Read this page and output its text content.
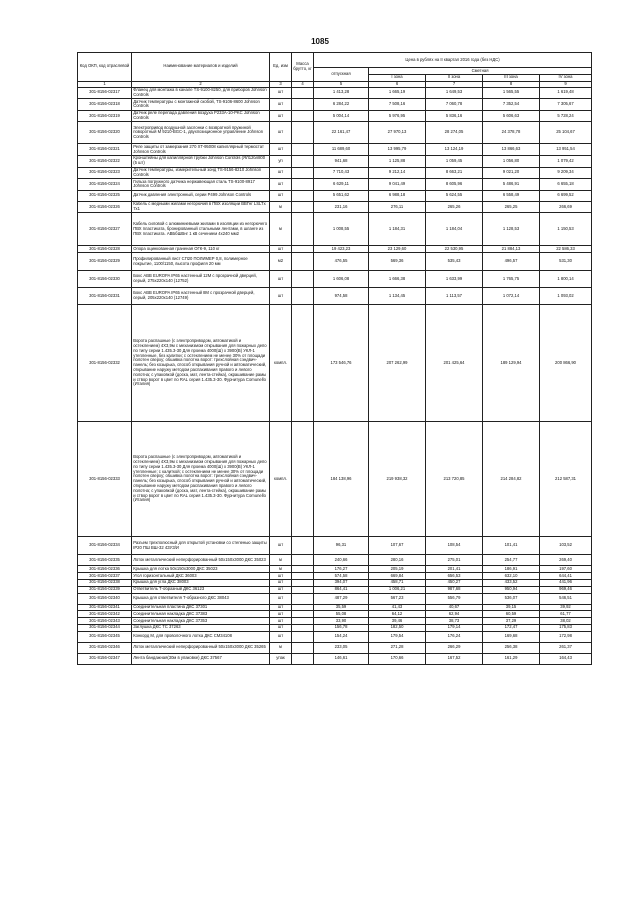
1085
Код ОКП, код отраслевой	Наименование материалов и изделий	Ед. изм	Масса брутто, кг	Цена в рублях на II квартал 2016 года (без НДС)				
				отпускная	Сметная			
					I зона	II зона	III зона	IV зона
1	2	3	4	5	6	7	8	9
301-8156-02317	Фланец для монтажа в канале TS-9100-8250, для приборов Johnson Controls	шт		1 413,28	1 665,19	1 649,53	1 565,55	1 619,48
301-8156-02318	Датчик температуры с монтажной скобой, TS-9106-8600 Johnson Controls	шт		6 284,22	7 508,16	7 060,78	7 352,54	7 305,67
301-8156-02319	Датчик реле перепада давления воздуха P233A-10-PKC Johnson Controls	шт		5 004,14	5 976,95	5 836,16	5 606,63	5 728,24
301-8156-02320	Электропривод воздушной заслонки с возвратной пружиной поворотный M 9210-BGC-1, двухпозиционное управление Johnson Controls	шт		22 161,47	27 970,13	28 274,05	24 378,78	25 104,67
301-8156-02321	Реле защиты от замерзания 270 XT-95008 капиллярный термостат Johnson Controls	шт		11 689,60	13 995,79	13 124,19	13 866,63	13 951,54
301-8156-02322	Кронштейны для капиллярной трубки Johnson Controls (ЯЛ12бл800 (5 шт)	уп		941,68	1 125,88	1 059,45	1 056,80	1 079,42
301-8156-02323	Датчик температуры, измерительный зонд TS-9156-8210 Johnson Controls	шт		7 710,43	9 212,14	8 663,21	9 021,20	9 209,34
301-8156-02324	Гильза погружного датчика нержавеющая сталь TS-9100-8917 Johnson Controls	шт		6 629,11	9 041,49	8 605,96	5 486,91	6 655,18
301-8156-02325	Датчик давления электронный, серии P499 Johnson Controls	шт		5 651,62	6 988,18	5 624,55	6 558,49	6 699,52
301-8156-02326	Кабель с медными жилами негорючий в ПВХ изоляции ВВГнг LSLTx 7x1	м		231,16	276,11	265,26	265,25	266,69
301-8156-02327	Кабель силовой с алюминиевыми жилами в изоляции из негорючего ПВХ пластиката, бронированный стальными лентами, в шланге из ПВХ пластиката. АВБбШВнг 1 кВ сечением 4х240 мм2	м		1 008,55	1 184,31	1 184,04	1 128,53	1 150,53
301-8156-02328	Опора оцинкованная граненая ОГК-9, 110 кг	шт		19 423,23	23 129,60	22 530,95	21 884,13	22 586,33
301-8156-02329	Профилированный лист СП20 ПОЛИМЕР 0,8, полимерное покрытие, 1100/1150, высота профиля 20 мм	м2		476,55	569,36	535,43	496,57	531,30
301-8156-02330	Бокс ABB EUROPA IP65 настенный 12М с прозрачной дверцей, серый, 275x220x140 (12752)	шт		1 606,08	1 666,38	1 633,99	1 765,75	1 800,14
301-8156-02331	Бокс ABB EUROPA IP65 настенный 8М с прозрачной дверцей, серый, 205x220x140 (12749)	шт		974,58	1 134,45	1 113,57	1 072,14	1 093,02
301-8156-02332	Ворота распашные (с электроприводом, автоматикой и остеклением) 4Х3,9м с механизмом открывания для пожарных депо по типу серии 1.435.3-30 Для проема 4000(Ш) х 3900(В) УКЛ-1 утепленные, без калитки; с остеклением не менее 30% от площади полотен сверху; обшивка полотна ворот: трехслойная сэндвич-панель; без козырька, способ открывания ручной и автоматический, открывание наружу методом распахивания правого и левого полотна; с упаковкой (доска, мат, лента-стейка), окрашивание рамы и створ ворот в цвет по RAL серия 1.435.3-30. Фурнитура Comunello (Италия)	компл.		173 546,76	207 262,99	201 425,64	189 129,94	200 866,90
301-8156-02333	Ворота распашные (с электроприводом, автоматикой и остеклением) 4Х3,9м с механизмом открывания для пожарных депо по типу серии 1.435.3-30 Для проема 4000(Ш) х 3900(В) УКЛ-1 утепленные; с калиткой; с остеклением не менее 30% от площади полотен сверху; обшивка полотна ворот: трехслойная сэндвич-панель; без козырька, способ открывания ручной и автоматический, открывание наружу методом распахивания правого и левого полотна; с упаковкой (доска, мат, лента-стейка), окрашивание рамы и створ ворот в цвет по RAL серия 1.435.3-30. Фурнитура Comunello (Италия)	компл.		184 138,96	219 938,32	213 720,85	214 284,82	212 587,31
301-8156-02334	Разъем трехполюсный для открытой установки со степенью защиты IP20 ПШ ВШ-32 4ЗУЗ/И	шт		96,31	107,67	108,54	101,41	103,52
301-8156-02335	Лоток металлический неперфорированный 50х150х3000 ДКС 35023	м		240,66	280,16	275,01	254,77	269,40
301-8156-02336	Крышка для лотка 50х150х3000 ДКС 35023	м		176,27	205,19	201,41	186,91	197,60
301-8156-02337	Угол горизонтальный ДКС 36003	шт		574,58	669,84	656,53	632,10	644,41
301-8156-02338	Крышка для угла ДКС 38003	шт		394,07	458,71	450,27	433,52	441,96
301-8156-02339	Ответвитель Т-образный ДКС 36123	шт		864,41	1 006,21	987,68	950,94	969,46
301-8156-02340	Крышка для ответвителя Т-образного ДКС 38043	шт		487,29	567,23	556,79	536,07	546,51
301-8156-02341	Соединительная пластина ДКС 37301	шт		35,59	41,43	40,67	39,15	39,92
301-8156-02342	Соединительная накладка ДКС 37383	шт		55,08	64,12	62,94	60,59	61,77
301-8156-02343	Соединительная накладка ДКС 37353	шт		33,90	39,46	38,73	37,29	38,02
301-8156-02344	Заглушка ДКС ТС 37263	шт		156,78	182,50	179,14	172,47	175,83
301-8156-02345	Конкорд М, для проволочного лотка ДКС CM34108	шт		154,24	179,54	176,24	169,68	172,98
301-8156-02346	Лоток металлический неперфорированный 50х150х3000 ДКС 35265	м		233,05	271,28	266,29	256,38	261,37
301-8156-02347	Лента бандажная(30м в упаковке) ДКС 37567	упак		146,61	170,66	167,52	161,29	164,43
